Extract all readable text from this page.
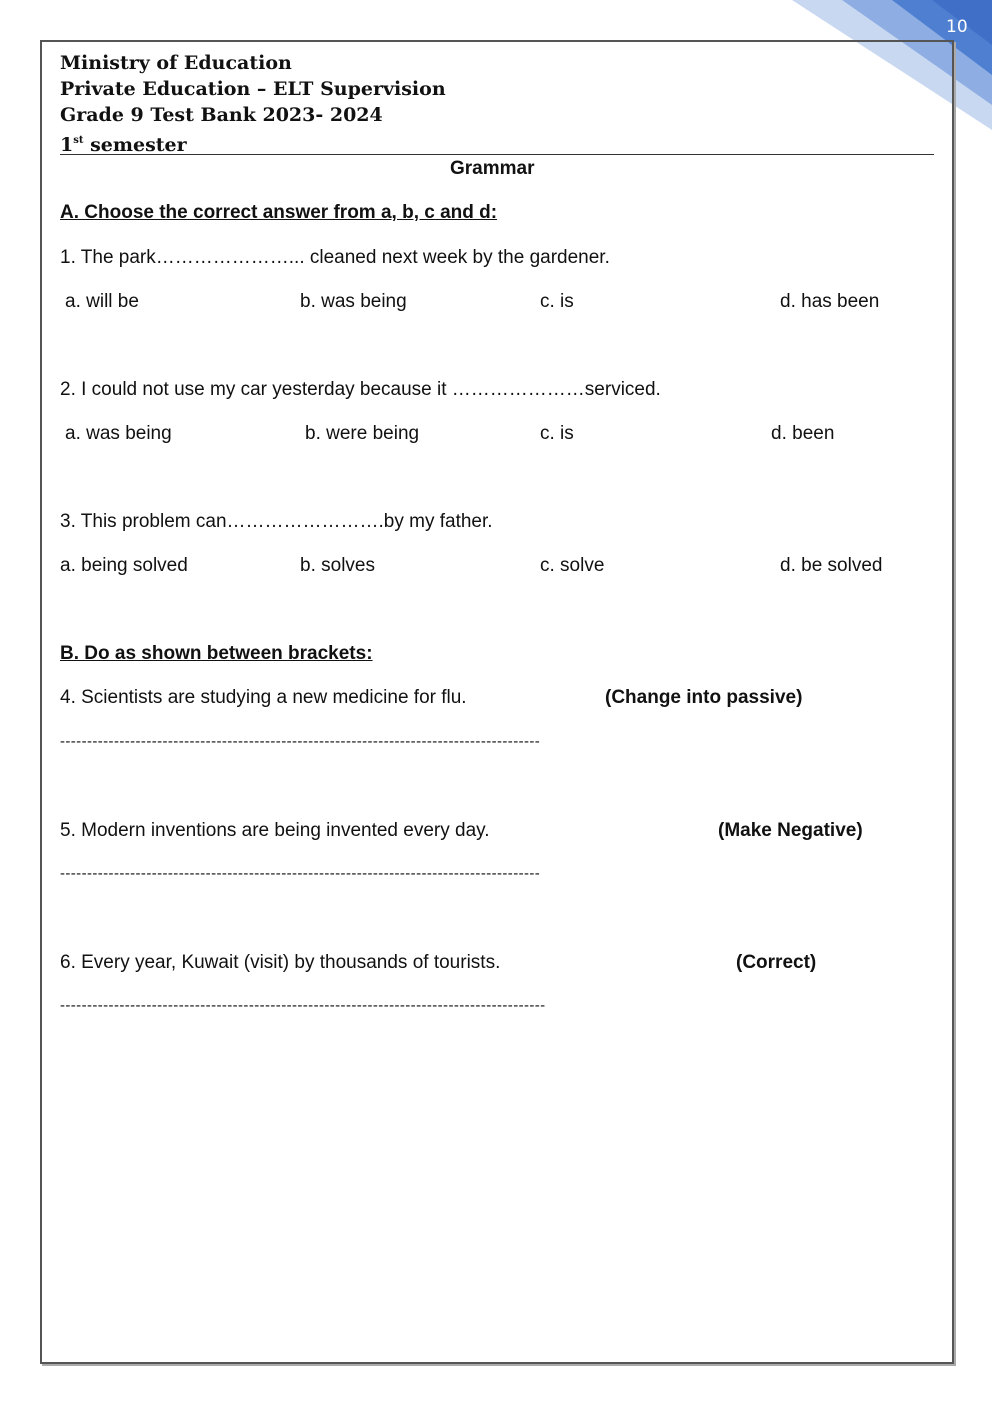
10
Ministry of Education
Private Education – ELT Supervision
Grade 9 Test Bank 2023- 2024
1st semester
Grammar
A. Choose the correct answer from a, b, c and d:
1. The park…………………... cleaned next week by the gardener.
a. will be	b. was being	c. is	d. has been
2. I could not use my car yesterday because it …………………serviced.
a. was being	b. were being	c. is	d. been
3. This problem can…………………….by my father.
a. being solved	b. solves	c. solve	d. be solved
B. Do as shown between brackets:
4. Scientists are studying a new medicine for flu.	(Change into passive)
-----------------------------------------------------------------------------------------
5. Modern inventions are being invented every day.	(Make Negative)
-----------------------------------------------------------------------------------------
6. Every year, Kuwait (visit) by thousands of tourists.	(Correct)
------------------------------------------------------------------------------------------
